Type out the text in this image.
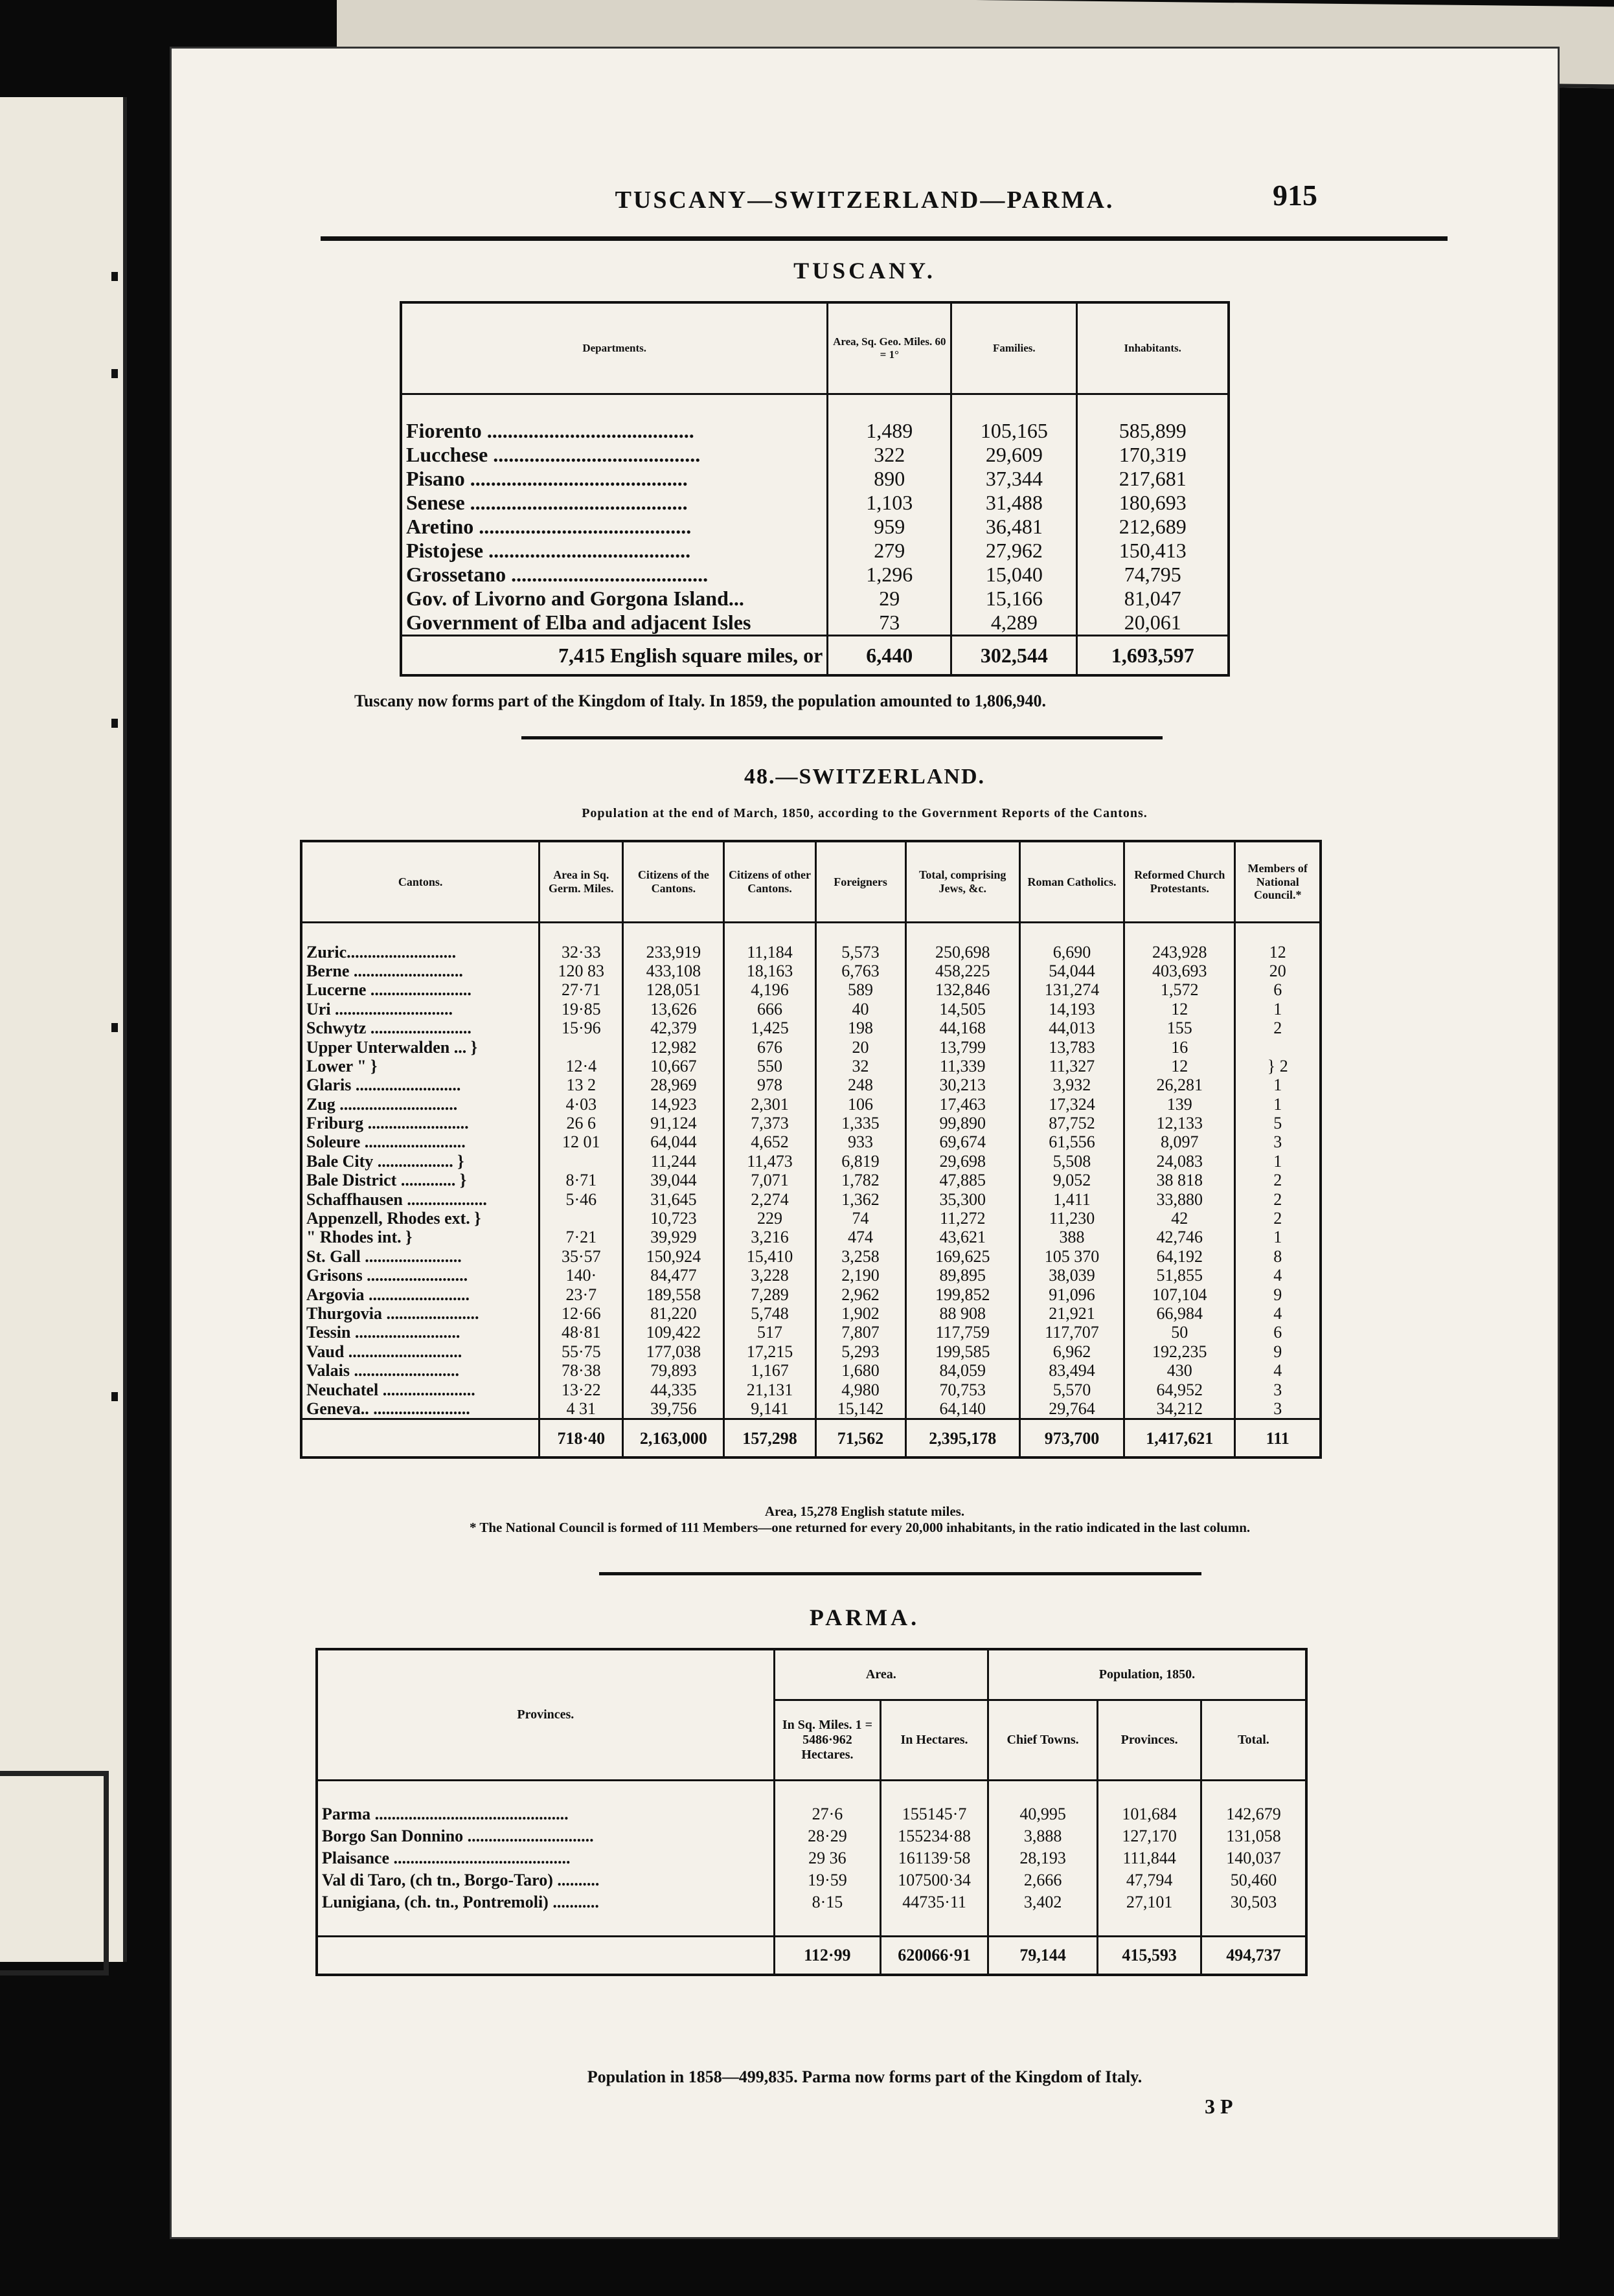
TUSCANY—SWITZERLAND—PARMA.	915
TUSCANY.
Departments.	Area, Sq. Geo. Miles. 60 = 1°	Families.	Inhabitants.

Fiorento ........................................	1,489	105,165	585,899
Lucchese ........................................	322	29,609	170,319
Pisano ..........................................	890	37,344	217,681
Senese ..........................................	1,103	31,488	180,693
Aretino .........................................	959	36,481	212,689
Pistojese .......................................	279	27,962	150,413
Grossetano ......................................	1,296	15,040	74,795
Gov. of Livorno and Gorgona Island...	29	15,166	81,047
Government of Elba and adjacent Isles	73	4,289	20,061
7,415 English square miles, or	6,440	302,544	1,693,597
Tuscany now forms part of the Kingdom of Italy. In 1859, the population amounted to 1,806,940.
48.—SWITZERLAND.
Population at the end of March, 1850, according to the Government Reports of the Cantons.
Cantons.	Area in Sq. Germ. Miles.	Citizens of the Cantons.	Citizens of other Cantons.	Foreigners	Total, comprising Jews, &c.	Roman Catholics.	Reformed Church Protestants.	Members of National Council.*

Zuric..........................	32·33	233,919	11,184	5,573	250,698	6,690	243,928	12
Berne ..........................	120 83	433,108	18,163	6,763	458,225	54,044	403,693	20
Lucerne ........................	27·71	128,051	4,196	589	132,846	131,274	1,572	6
Uri ............................	19·85	13,626	666	40	14,505	14,193	12	1
Schwytz ........................	15·96	42,379	1,425	198	44,168	44,013	155	2
Upper Unterwalden ... }		12,982	676	20	13,799	13,783	16	
Lower " }	12·4	10,667	550	32	11,339	11,327	12	} 2
Glaris .........................	13 2	28,969	978	248	30,213	3,932	26,281	1
Zug ............................	4·03	14,923	2,301	106	17,463	17,324	139	1
Friburg ........................	26 6	91,124	7,373	1,335	99,890	87,752	12,133	5
Soleure ........................	12 01	64,044	4,652	933	69,674	61,556	8,097	3
Bale City .................. }		11,244	11,473	6,819	29,698	5,508	24,083	1
Bale District ............. }	8·71	39,044	7,071	1,782	47,885	9,052	38 818	2
Schaffhausen ...................	5·46	31,645	2,274	1,362	35,300	1,411	33,880	2
Appenzell, Rhodes ext. }		10,723	229	74	11,272	11,230	42	2
" Rhodes int. }	7·21	39,929	3,216	474	43,621	388	42,746	1
St. Gall .......................	35·57	150,924	15,410	3,258	169,625	105 370	64,192	8
Grisons ........................	140·	84,477	3,228	2,190	89,895	38,039	51,855	4
Argovia ........................	23·7	189,558	7,289	2,962	199,852	91,096	107,104	9
Thurgovia ......................	12·66	81,220	5,748	1,902	88 908	21,921	66,984	4
Tessin .........................	48·81	109,422	517	7,807	117,759	117,707	50	6
Vaud ...........................	55·75	177,038	17,215	5,293	199,585	6,962	192,235	9
Valais .........................	78·38	79,893	1,167	1,680	84,059	83,494	430	4
Neuchatel ......................	13·22	44,335	21,131	4,980	70,753	5,570	64,952	3
Geneva.. .......................	4 31	39,756	9,141	15,142	64,140	29,764	34,212	3
	718·40	2,163,000	157,298	71,562	2,395,178	973,700	1,417,621	111
Area, 15,278 English statute miles.
* The National Council is formed of 111 Members—one returned for every 20,000 inhabitants, in the ratio indicated in the last column.
PARMA.
Provinces.	Area.		Population, 1850.		
	In Sq. Miles. 1 = 5486·962 Hectares.	In Hectares.	Chief Towns.	Provinces.	Total.

Parma ..............................................	27·6	155145·7	40,995	101,684	142,679
Borgo San Donnino ..............................	28·29	155234·88	3,888	127,170	131,058
Plaisance ..........................................	29 36	161139·58	28,193	111,844	140,037
Val di Taro, (ch tn., Borgo-Taro) ..........	19·59	107500·34	2,666	47,794	50,460
Lunigiana, (ch. tn., Pontremoli) ...........	8·15	44735·11	3,402	27,101	30,503

	112·99	620066·91	79,144	415,593	494,737
Population in 1858—499,835. Parma now forms part of the Kingdom of Italy.
3 P
